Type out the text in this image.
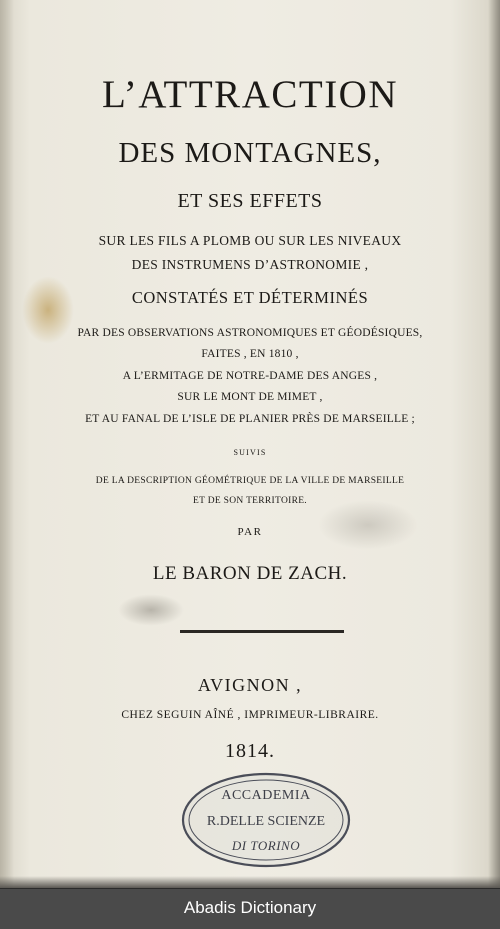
L’ATTRACTION
DES MONTAGNES,
ET SES EFFETS
SUR LES FILS A PLOMB OU SUR LES NIVEAUX
DES INSTRUMENS D’ASTRONOMIE ,
CONSTATÉS ET DÉTERMINÉS
PAR DES OBSERVATIONS ASTRONOMIQUES ET GÉODÉSIQUES,
FAITES , EN 1810 ,
A L’ERMITAGE DE NOTRE-DAME DES ANGES ,
SUR LE MONT DE MIMET ,
ET AU FANAL DE L’ISLE DE PLANIER PRÈS DE MARSEILLE ;
SUIVIS
DE LA DESCRIPTION GÉOMÉTRIQUE DE LA VILLE DE MARSEILLE
ET DE SON TERRITOIRE.
PAR
LE BARON DE ZACH.
AVIGNON ,
CHEZ SEGUIN AÎNÉ , IMPRIMEUR-LIBRAIRE.
1814.
ACCADEMIA
R.DELLE SCIENZE
DI TORINO
Abadis Dictionary
